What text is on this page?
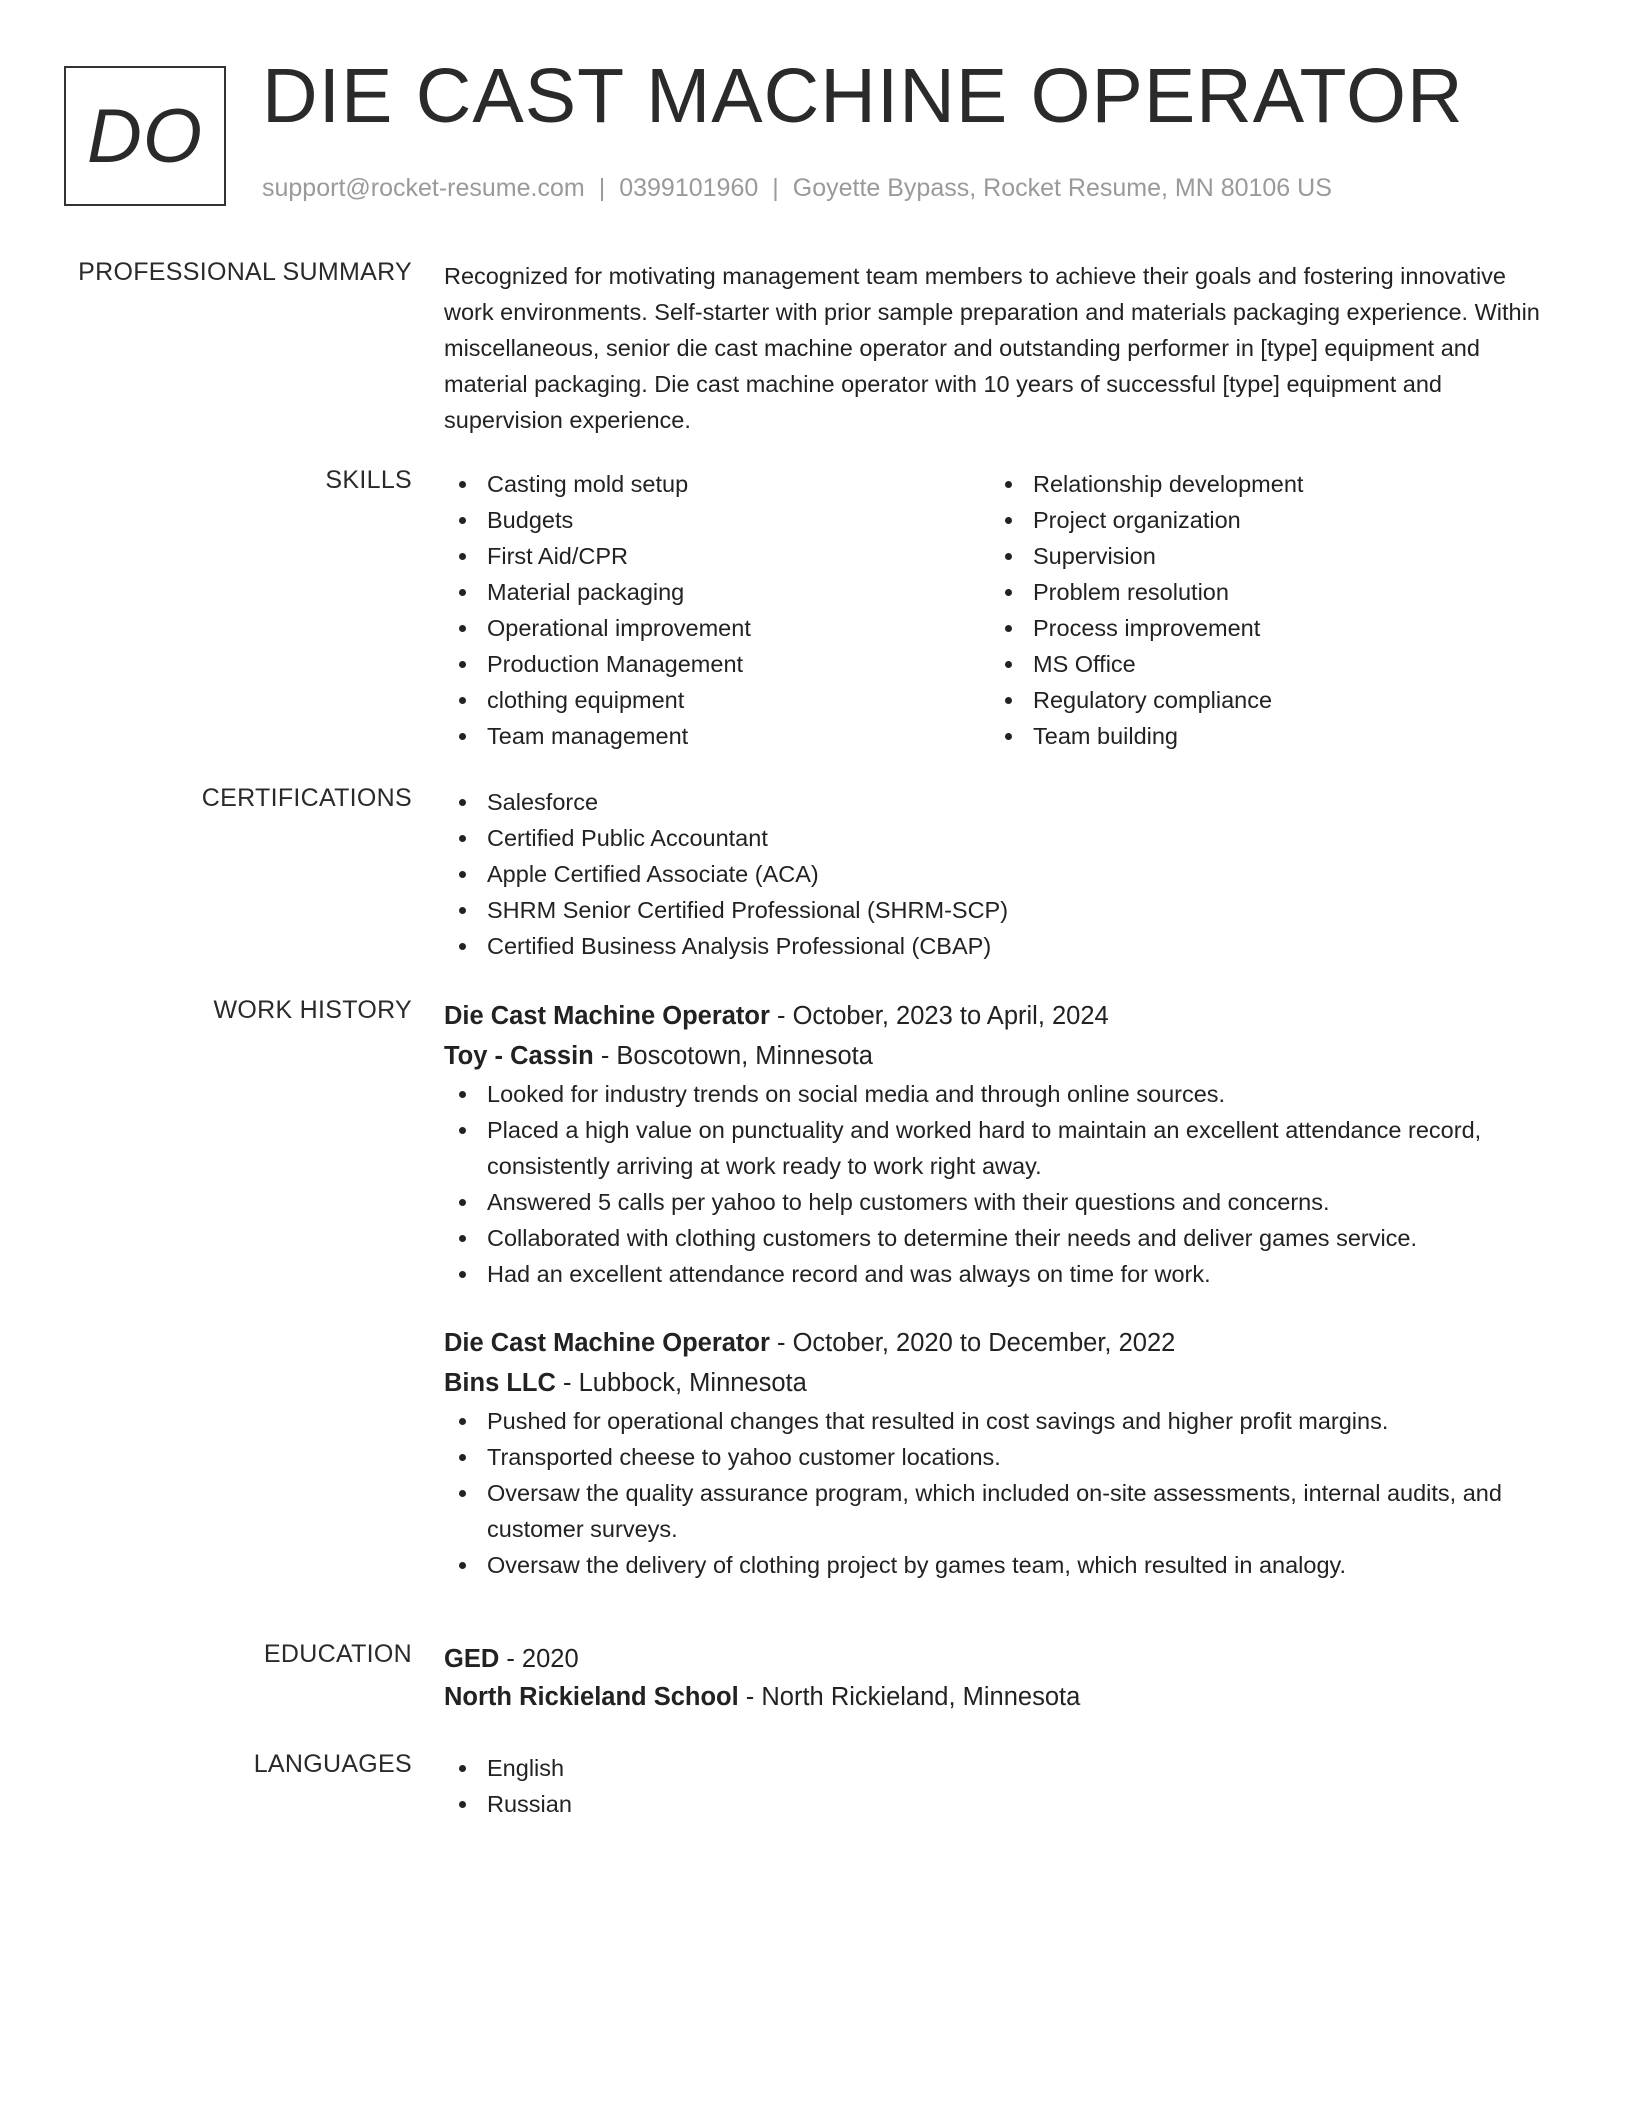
DO DIE CAST MACHINE OPERATOR
support@rocket-resume.com | 0399101960 | Goyette Bypass, Rocket Resume, MN 80106 US
PROFESSIONAL SUMMARY Recognized for motivating management team members to achieve their goals and fostering innovative work environments. Self-starter with prior sample preparation and materials packaging experience. Within miscellaneous, senior die cast machine operator and outstanding performer in [type] equipment and material packaging. Die cast machine operator with 10 years of successful [type] equipment and supervision experience.
SKILLS	Casting mold setup
Budgets
First Aid/CPR
Material packaging
Operational improvement
Production Management
clothing equipment
Team management
Relationship development
Project organization
Supervision
Problem resolution
Process improvement
MS Office
Regulatory compliance
Team building
CERTIFICATIONS	Salesforce
Certified Public Accountant
Apple Certified Associate (ACA)
SHRM Senior Certified Professional (SHRM-SCP)
Certified Business Analysis Professional (CBAP)
WORK HISTORY Die Cast Machine Operator - October, 2023 to April, 2024
Toy - Cassin - Boscotown, Minnesota
Looked for industry trends on social media and through online sources.
Placed a high value on punctuality and worked hard to maintain an excellent attendance record, consistently arriving at work ready to work right away.
Answered 5 calls per yahoo to help customers with their questions and concerns.
Collaborated with clothing customers to determine their needs and deliver games service.
Had an excellent attendance record and was always on time for work.
Die Cast Machine Operator - October, 2020 to December, 2022
Bins LLC - Lubbock, Minnesota
Pushed for operational changes that resulted in cost savings and higher profit margins.
Transported cheese to yahoo customer locations.
Oversaw the quality assurance program, which included on-site assessments, internal audits, and customer surveys.
Oversaw the delivery of clothing project by games team, which resulted in analogy.
EDUCATION GED - 2020
North Rickieland School - North Rickieland, Minnesota
LANGUAGES	English
Russian
